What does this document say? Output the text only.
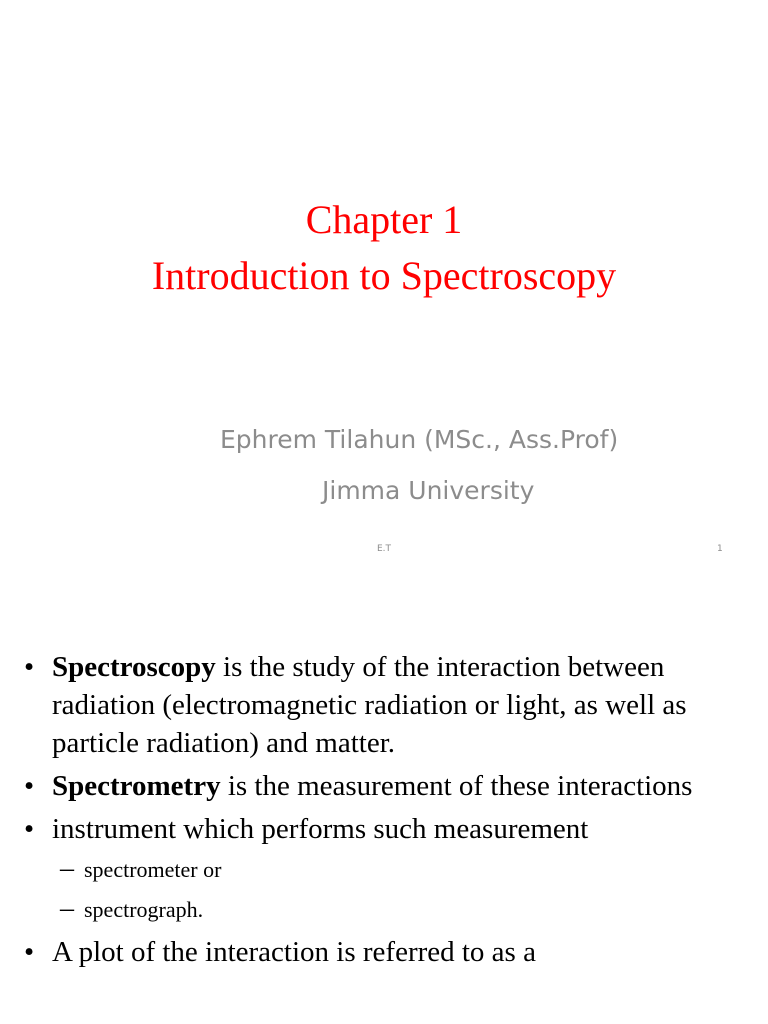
Chapter 1
Introduction to Spectroscopy
Ephrem Tilahun (MSc., Ass.Prof)
Jimma University
E.T	1
• Spectroscopy is the study of the interaction between radiation (electromagnetic radiation or light, as well as particle radiation) and matter.
• Spectrometry is the measurement of these interactions
• instrument which performs such measurement
– spectrometer or
– spectrograph.
• A plot of the interaction is referred to as a
